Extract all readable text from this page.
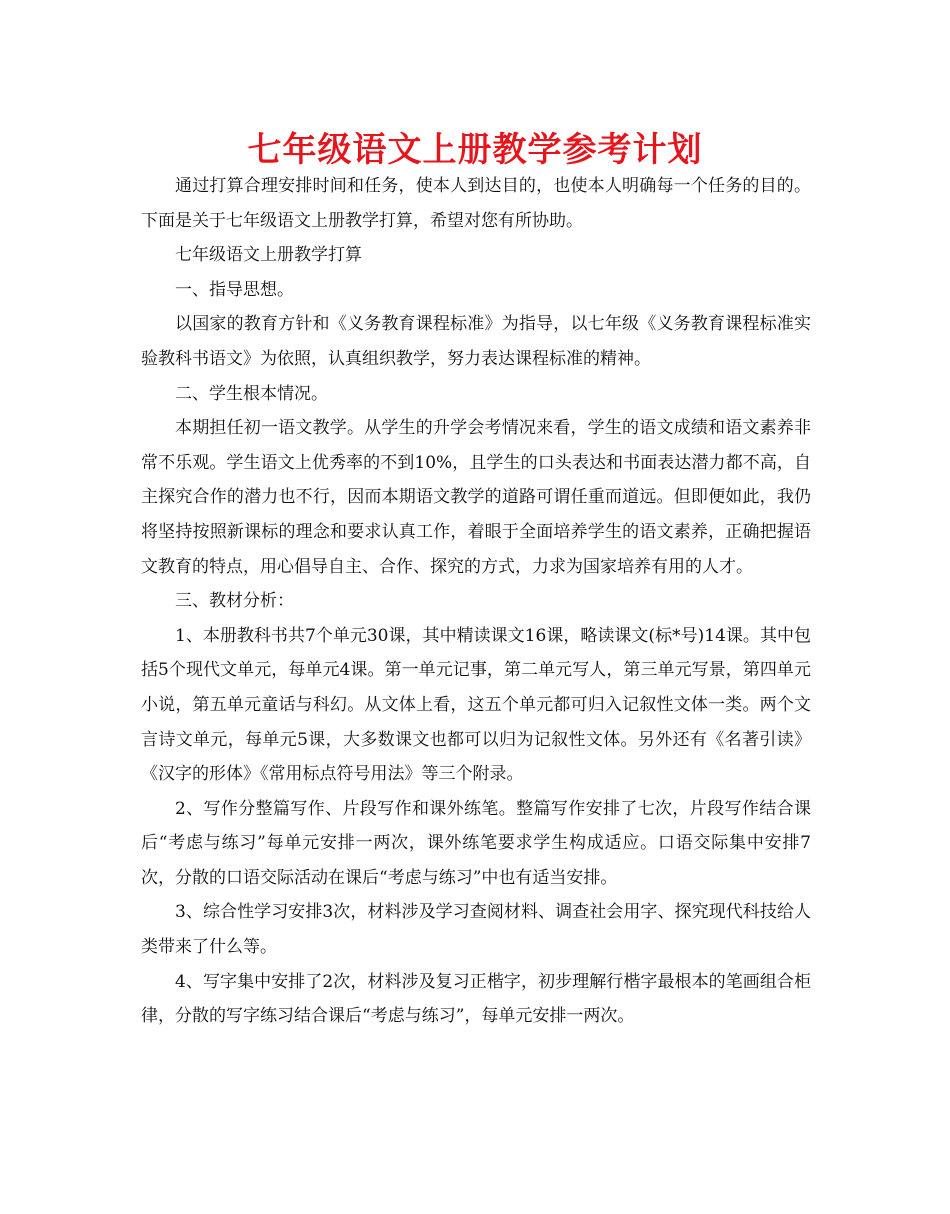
七年级语文上册教学参考计划

通过打算合理安排时间和任务，使本人到达目的，也使本人明确每一个任务的目的。下面是关于七年级语文上册教学打算，希望对您有所协助。

七年级语文上册教学打算

一、指导思想。

以国家的教育方针和《义务教育课程标准》为指导，以七年级《义务教育课程标准实验教科书语文》为依照，认真组织教学，努力表达课程标准的精神。

二、学生根本情况。

本期担任初一语文教学。从学生的升学会考情况来看，学生的语文成绩和语文素养非常不乐观。学生语文上优秀率的不到10%，且学生的口头表达和书面表达潜力都不高，自主探究合作的潜力也不行，因而本期语文教学的道路可谓任重而道远。但即便如此，我仍将坚持按照新课标的理念和要求认真工作，着眼于全面培养学生的语文素养，正确把握语文教育的特点，用心倡导自主、合作、探究的方式，力求为国家培养有用的人才。

三、教材分析：

1、本册教科书共7个单元30课，其中精读课文16课，略读课文(标*号)14课。其中包括5个现代文单元，每单元4课。第一单元记事，第二单元写人，第三单元写景，第四单元小说，第五单元童话与科幻。从文体上看，这五个单元都可归入记叙性文体一类。两个文言诗文单元，每单元5课，大多数课文也都可以归为记叙性文体。另外还有《名著引读》《汉字的形体》《常用标点符号用法》等三个附录。

2、写作分整篇写作、片段写作和课外练笔。整篇写作安排了七次，片段写作结合课后“考虑与练习”每单元安排一两次，课外练笔要求学生构成适应。口语交际集中安排7次，分散的口语交际活动在课后“考虑与练习”中也有适当安排。

3、综合性学习安排3次，材料涉及学习查阅材料、调查社会用字、探究现代科技给人类带来了什么等。

4、写字集中安排了2次，材料涉及复习正楷字，初步理解行楷字最根本的笔画组合柜律，分散的写字练习结合课后“考虑与练习”，每单元安排一两次。
